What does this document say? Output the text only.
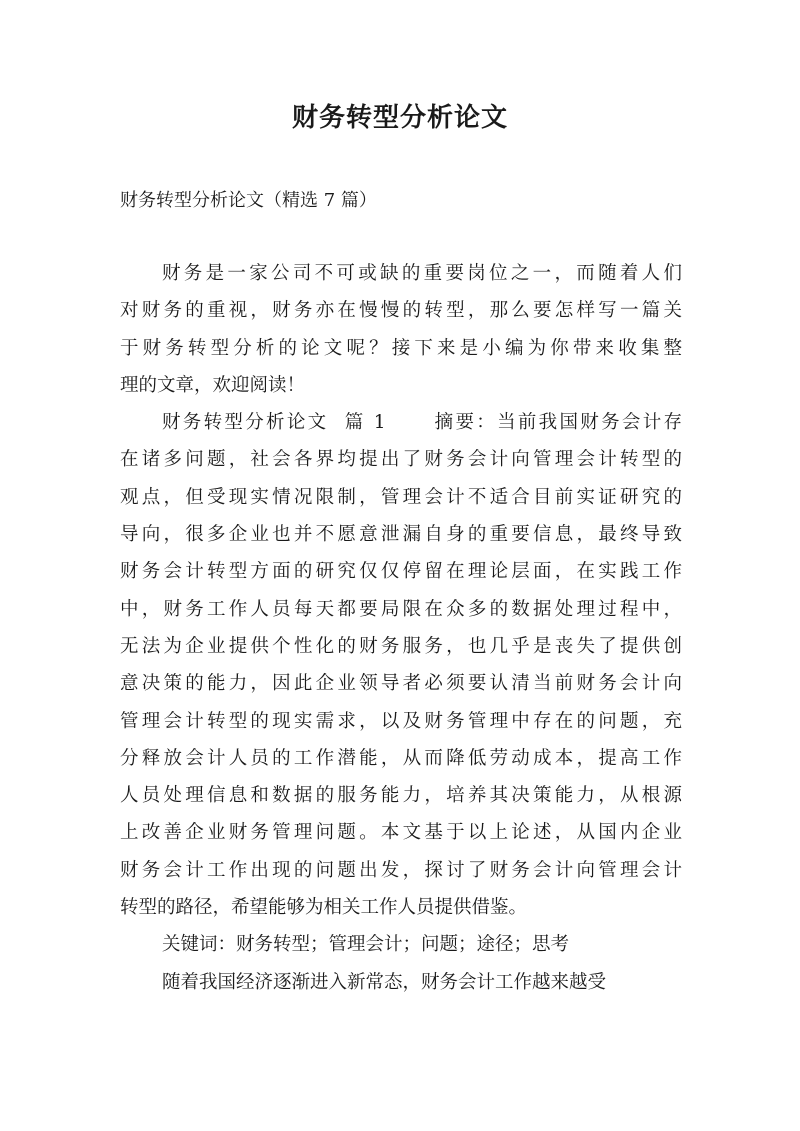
财务转型分析论文

财务转型分析论文（精选 7 篇）

财务是一家公司不可或缺的重要岗位之一，而随着人们
对财务的重视，财务亦在慢慢的转型，那么要怎样写一篇关
于财务转型分析的论文呢？接下来是小编为你带来收集整
理的文章，欢迎阅读！
财务转型分析论文  篇 1      摘要：当前我国财务会计存
在诸多问题，社会各界均提出了财务会计向管理会计转型的
观点，但受现实情况限制，管理会计不适合目前实证研究的
导向，很多企业也并不愿意泄漏自身的重要信息，最终导致
财务会计转型方面的研究仅仅停留在理论层面，在实践工作
中，财务工作人员每天都要局限在众多的数据处理过程中，
无法为企业提供个性化的财务服务，也几乎是丧失了提供创
意决策的能力，因此企业领导者必须要认清当前财务会计向
管理会计转型的现实需求，以及财务管理中存在的问题，充
分释放会计人员的工作潜能，从而降低劳动成本，提高工作
人员处理信息和数据的服务能力，培养其决策能力，从根源
上改善企业财务管理问题。本文基于以上论述，从国内企业
财务会计工作出现的问题出发，探讨了财务会计向管理会计
转型的路径，希望能够为相关工作人员提供借鉴。
关键词：财务转型；管理会计；问题；途径；思考
随着我国经济逐渐进入新常态，财务会计工作越来越受
